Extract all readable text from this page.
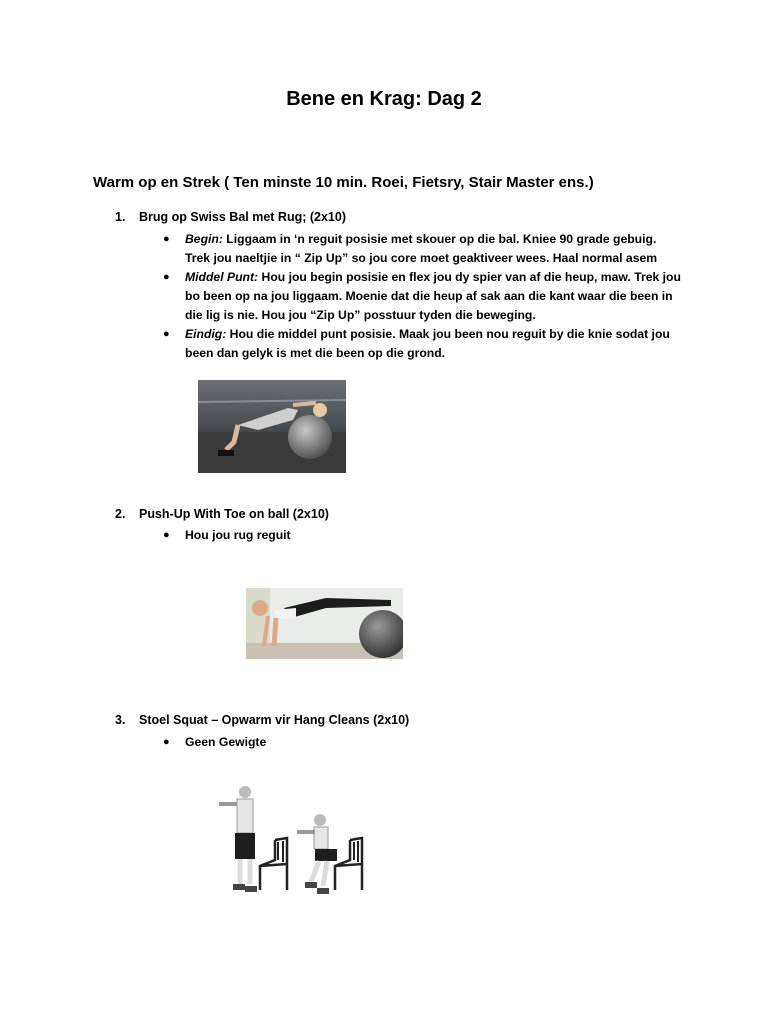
Bene en Krag: Dag 2
Warm op en Strek ( Ten minste 10 min. Roei, Fietsry, Stair Master ens.)
1. Brug op Swiss Bal met Rug; (2x10)
● Begin: Liggaam in ‘n reguit posisie met skouer op die bal. Kniee 90 grade gebuig. Trek jou naeltjie in “ Zip Up” so jou core moet geaktiveer wees. Haal normal asem
● Middel Punt: Hou jou begin posisie en flex jou dy spier van af die heup, maw. Trek jou bo been op na jou liggaam. Moenie dat die heup af sak aan die kant waar die been in die lig is nie. Hou jou “Zip Up” posstuur tyden die beweging.
● Eindig: Hou die middel punt posisie. Maak jou been nou reguit by die knie sodat jou been dan gelyk is met die been op die grond.
2. Push-Up With Toe on ball (2x10)
● Hou jou rug reguit
3. Stoel Squat – Opwarm vir Hang Cleans (2x10)
● Geen Gewigte
